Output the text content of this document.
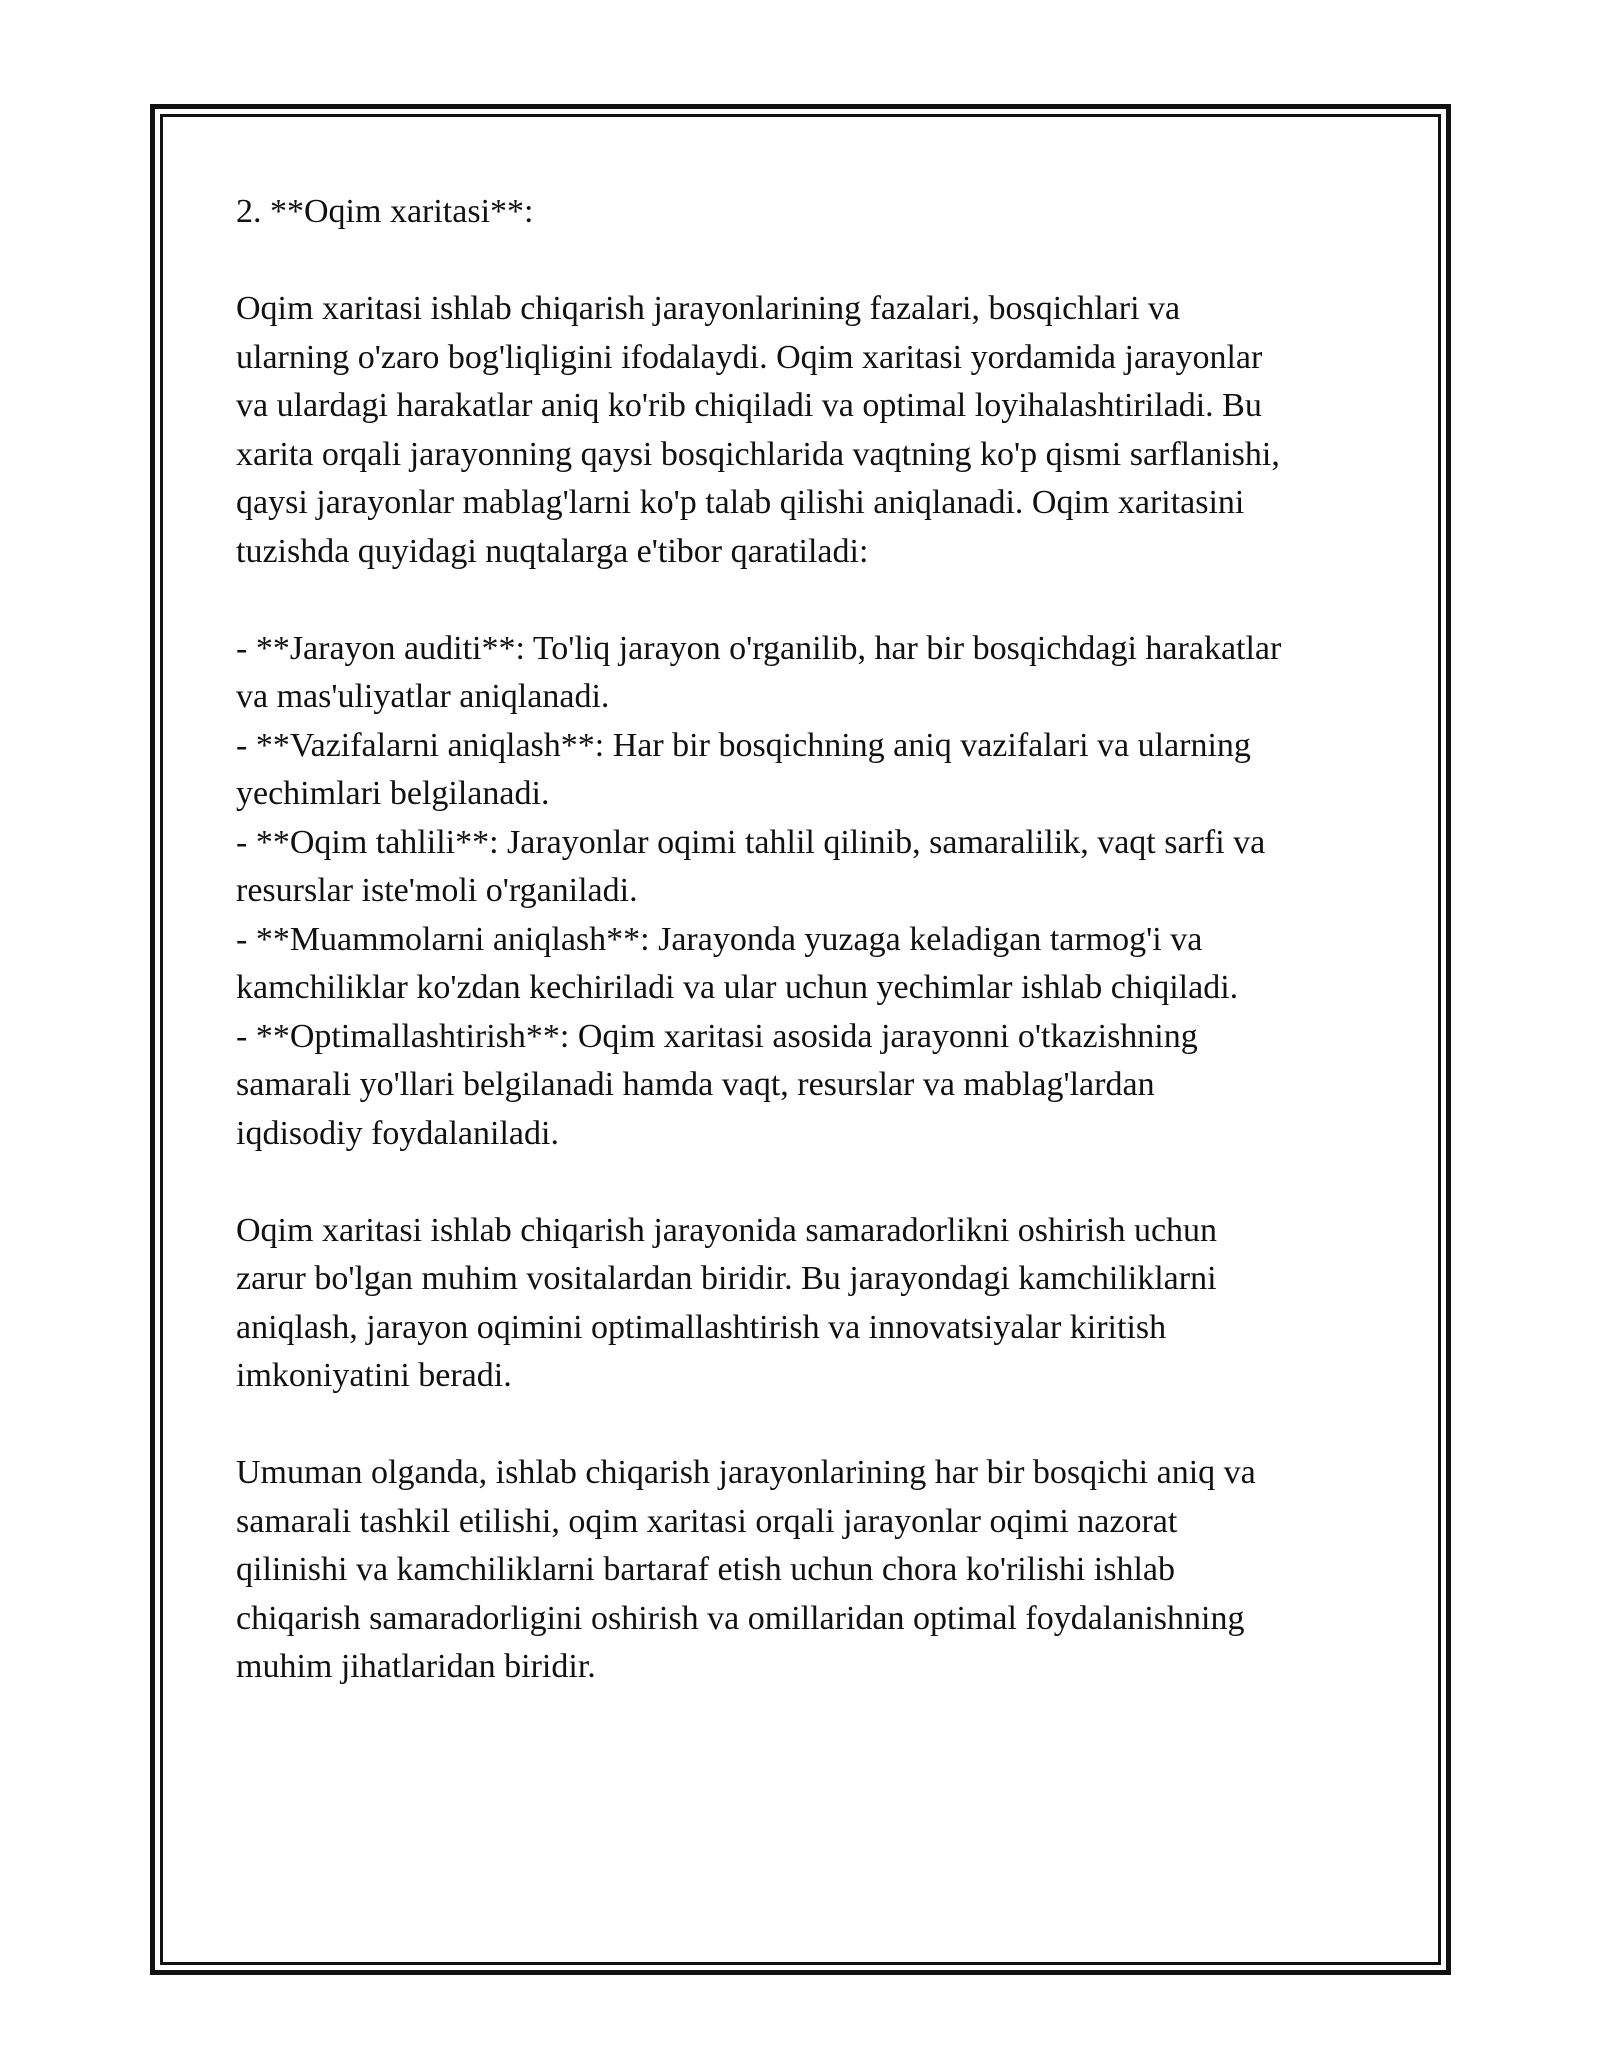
2. **Oqim xaritasi**:

Oqim xaritasi ishlab chiqarish jarayonlarining fazalari, bosqichlari va

ularning o'zaro bog'liqligini ifodalaydi. Oqim xaritasi yordamida jarayonlar

va ulardagi harakatlar aniq ko'rib chiqiladi va optimal loyihalashtiriladi. Bu

xarita orqali jarayonning qaysi bosqichlarida vaqtning ko'p qismi sarflanishi,

qaysi jarayonlar mablag'larni ko'p talab qilishi aniqlanadi. Oqim xaritasini

tuzishda quyidagi nuqtalarga e'tibor qaratiladi:

- **Jarayon auditi**: To'liq jarayon o'rganilib, har bir bosqichdagi harakatlar

va mas'uliyatlar aniqlanadi.

- **Vazifalarni aniqlash**: Har bir bosqichning aniq vazifalari va ularning

yechimlari belgilanadi.

- **Oqim tahlili**: Jarayonlar oqimi tahlil qilinib, samaralilik, vaqt sarfi va

resurslar iste'moli o'rganiladi.

- **Muammolarni aniqlash**: Jarayonda yuzaga keladigan tarmog'i va

kamchiliklar ko'zdan kechiriladi va ular uchun yechimlar ishlab chiqiladi.

- **Optimallashtirish**: Oqim xaritasi asosida jarayonni o'tkazishning

samarali yo'llari belgilanadi hamda vaqt, resurslar va mablag'lardan

iqdisodiy foydalaniladi.

Oqim xaritasi ishlab chiqarish jarayonida samaradorlikni oshirish uchun

zarur bo'lgan muhim vositalardan biridir. Bu jarayondagi kamchiliklarni

aniqlash, jarayon oqimini optimallashtirish va innovatsiyalar kiritish

imkoniyatini beradi.

Umuman olganda, ishlab chiqarish jarayonlarining har bir bosqichi aniq va

samarali tashkil etilishi, oqim xaritasi orqali jarayonlar oqimi nazorat

qilinishi va kamchiliklarni bartaraf etish uchun chora ko'rilishi ishlab

chiqarish samaradorligini oshirish va omillaridan optimal foydalanishning

muhim jihatlaridan biridir.
